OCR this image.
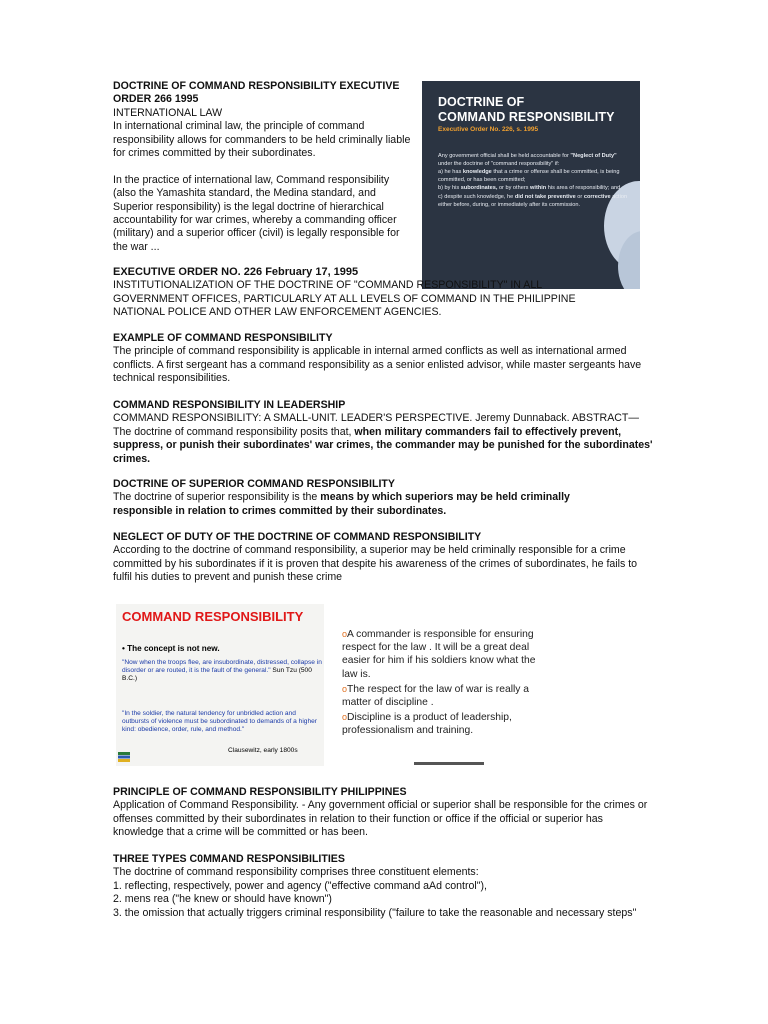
DOCTRINE OF COMMAND RESPONSIBILITY EXECUTIVE ORDER 266 1995

INTERNATIONAL LAW

In international criminal law, the principle of command responsibility allows for commanders to be held criminally liable for crimes committed by their subordinates.

In the practice of international law, Command responsibility (also the Yamashita standard, the Medina standard, and Superior responsibility) is the legal doctrine of hierarchical accountability for war crimes, whereby a commanding officer (military) and a superior officer (civil) is legally responsible for the war ...

DOCTRINE OF
COMMAND RESPONSIBILITY
Executive Order No. 226, s. 1995

Any government official shall be held accountable for "Neglect of Duty" under the doctrine of "command responsibility" if:

a) he has knowledge that a crime or offense shall be committed, is being committed, or has been committed;

b) by his subordinates, or by others within his area of responsibility; and

c) despite such knowledge, he did not take preventive or corrective action either before, during, or immediately after its commission.

EXECUTIVE ORDER NO. 226 February 17, 1995

INSTITUTIONALIZATION OF THE DOCTRINE OF "COMMAND RESPONSIBILITY" IN ALL GOVERNMENT OFFICES, PARTICULARLY AT ALL LEVELS OF COMMAND IN THE PHILIPPINE NATIONAL POLICE AND OTHER LAW ENFORCEMENT AGENCIES.

EXAMPLE OF COMMAND RESPONSIBILITY

The principle of command responsibility is applicable in internal armed conflicts as well as international armed conflicts. A first sergeant has a command responsibility as a senior enlisted advisor, while master sergeants have technical responsibilities.

COMMAND RESPONSIBILITY IN LEADERSHIP

COMMAND RESPONSIBILITY: A SMALL-UNIT. LEADER'S PERSPECTIVE. Jeremy Dunnaback. ABSTRACT—The doctrine of command responsibility posits that, when military commanders fail to effectively prevent, suppress, or punish their subordinates' war crimes, the commander may be punished for the subordinates' crimes.

DOCTRINE OF SUPERIOR COMMAND RESPONSIBILITY

The doctrine of superior responsibility is the means by which superiors may be held criminally responsible in relation to crimes committed by their subordinates.

NEGLECT OF DUTY OF THE DOCTRINE OF COMMAND RESPONSIBILITY

According to the doctrine of command responsibility, a superior may be held criminally responsible for a crime committed by his subordinates if it is proven that despite his awareness of the crimes of subordinates, he fails to fulfil his duties to prevent and punish these crime

COMMAND RESPONSIBILITY
• The concept is not new.
"Now when the troops flee, are insubordinate, distressed, collapse in disorder or are routed, it is the fault of the general." Sun Tzu (500 B.C.)
"In the soldier, the natural tendency for unbridled action and outbursts of violence must be subordinated to demands of a higher kind: obedience, order, rule, and method."
Clausewitz, early 1800s

oA commander is responsible for ensuring respect for the law . It will be a great deal easier for him if his soldiers know what the law is.

oThe respect for the law of war is really a matter of discipline .

oDiscipline is a product of leadership, professionalism and training.

PRINCIPLE OF COMMAND RESPONSIBILITY PHILIPPINES

Application of Command Responsibility. - Any government official or superior shall be responsible for the crimes or offenses committed by their subordinates in relation to their function or office if the official or superior has knowledge that a crime will be committed or has been.

THREE TYPES C0MMAND RESPONSIBILITIES

The doctrine of command responsibility comprises three constituent elements:

1. reflecting, respectively, power and agency ("effective command aAd control"),

2. mens rea ("he knew or should have known")

3. the omission that actually triggers criminal responsibility ("failure to take the reasonable and necessary steps"
